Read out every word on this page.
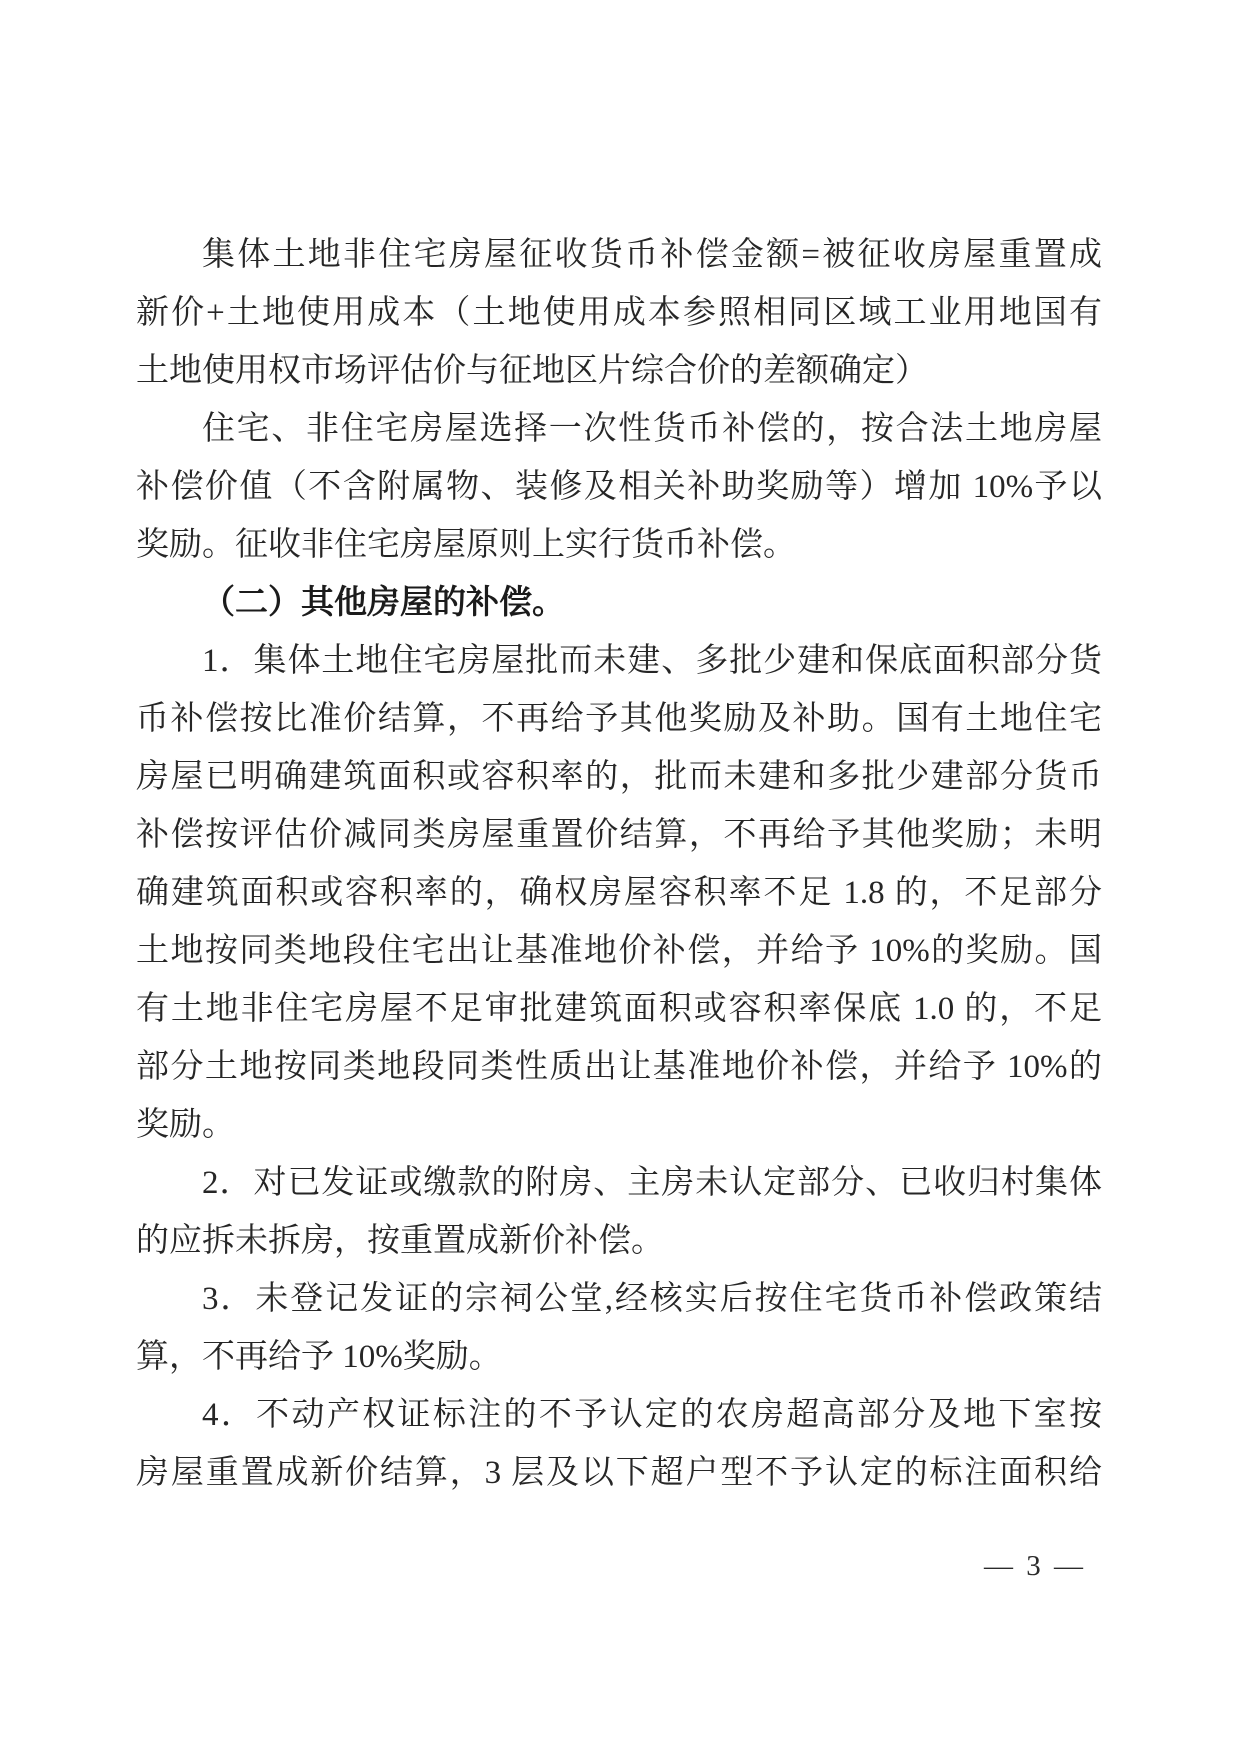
集体土地非住宅房屋征收货币补偿金额=被征收房屋重置成
新价+土地使用成本（土地使用成本参照相同区域工业用地国有
土地使用权市场评估价与征地区片综合价的差额确定）
住宅、非住宅房屋选择一次性货币补偿的，按合法土地房屋
补偿价值（不含附属物、装修及相关补助奖励等）增加 10%予以
奖励。征收非住宅房屋原则上实行货币补偿。
（二）其他房屋的补偿。
1．集体土地住宅房屋批而未建、多批少建和保底面积部分货
币补偿按比准价结算，不再给予其他奖励及补助。国有土地住宅
房屋已明确建筑面积或容积率的，批而未建和多批少建部分货币
补偿按评估价减同类房屋重置价结算，不再给予其他奖励；未明
确建筑面积或容积率的，确权房屋容积率不足 1.8 的，不足部分
土地按同类地段住宅出让基准地价补偿，并给予 10%的奖励。国
有土地非住宅房屋不足审批建筑面积或容积率保底 1.0 的，不足
部分土地按同类地段同类性质出让基准地价补偿，并给予 10%的
奖励。
2．对已发证或缴款的附房、主房未认定部分、已收归村集体
的应拆未拆房，按重置成新价补偿。
3．未登记发证的宗祠公堂,经核实后按住宅货币补偿政策结
算，不再给予 10%奖励。
4．不动产权证标注的不予认定的农房超高部分及地下室按
房屋重置成新价结算，3 层及以下超户型不予认定的标注面积给
— 3 —
